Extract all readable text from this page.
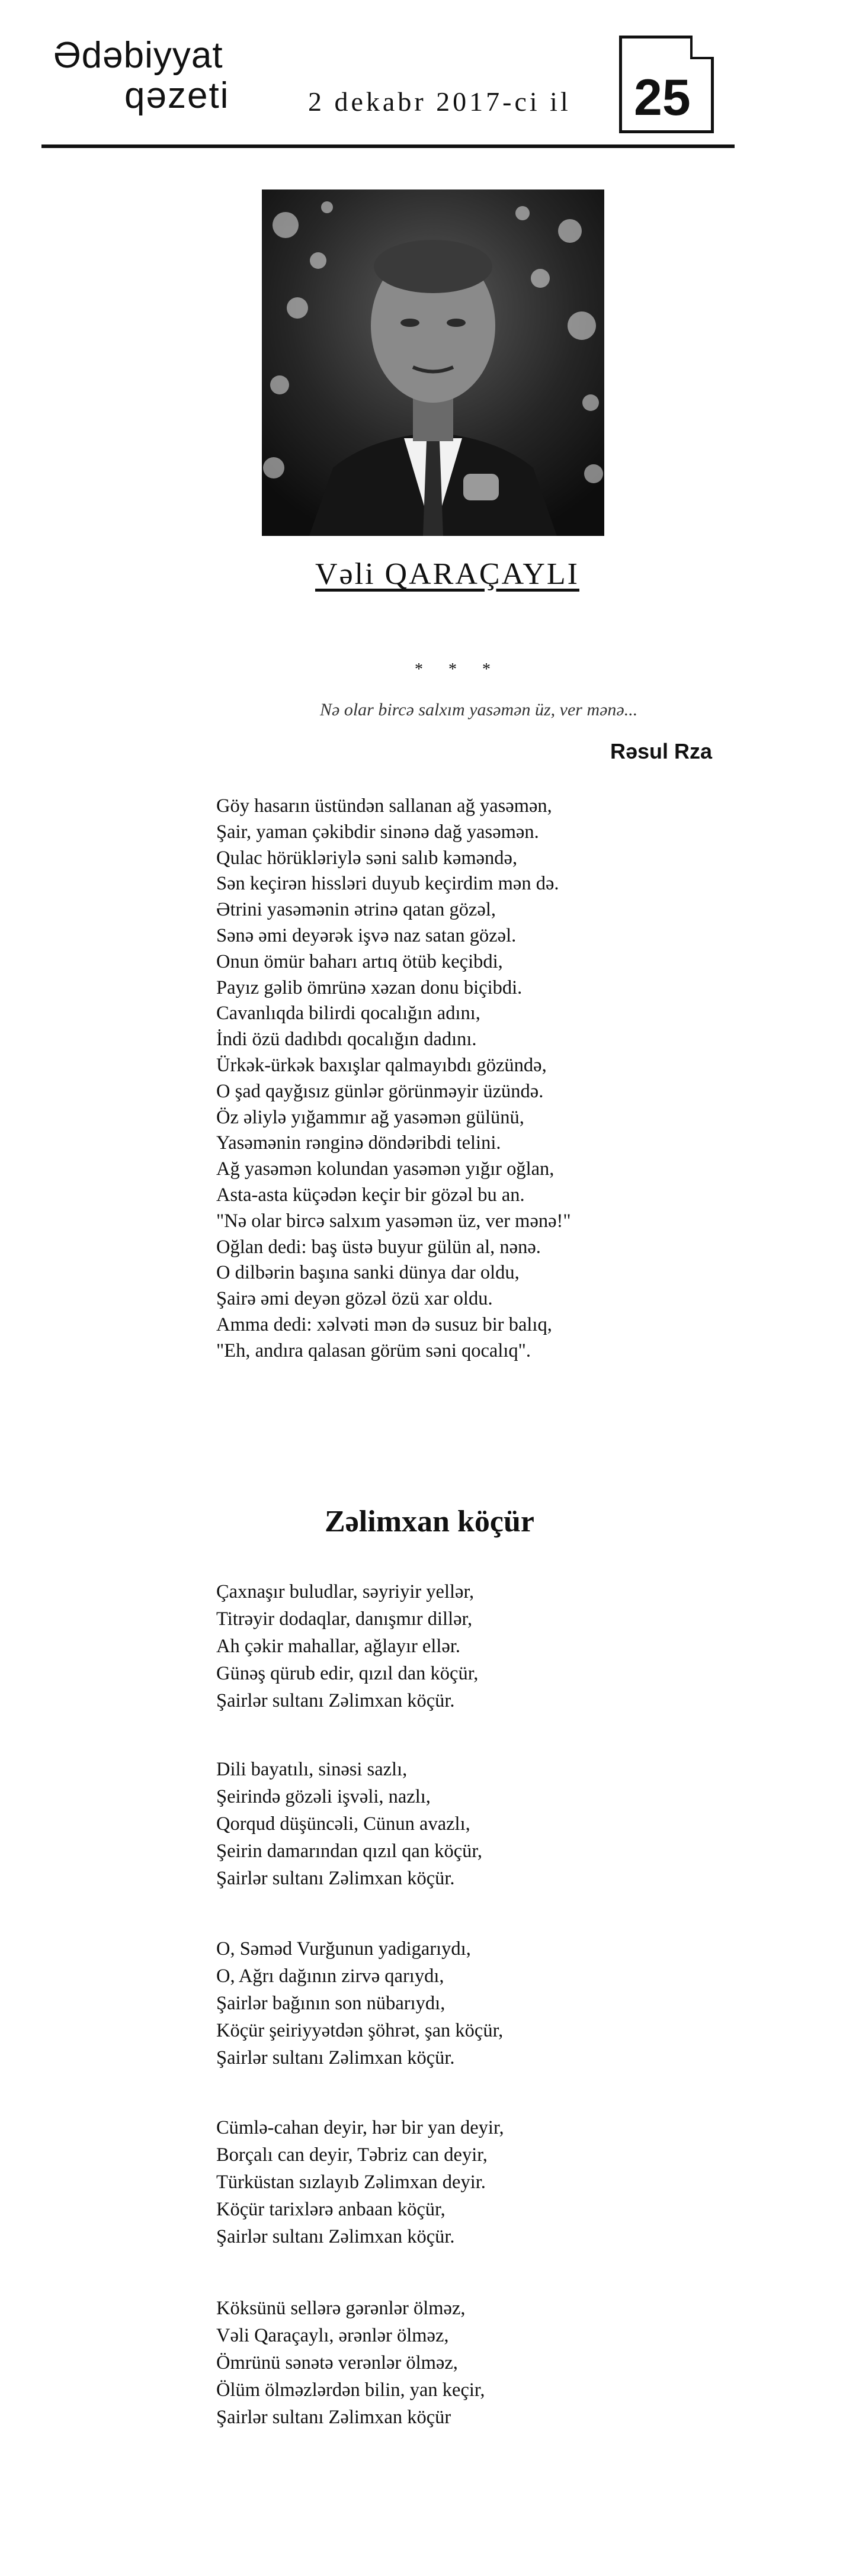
Ədəbiyyat
qəzeti	2 dekabr 2017-ci il 25
Vəli QARAÇAYLI
* * *
Nə olar bircə salxım yasəmən üz, ver mənə...
Rəsul Rza
Göy hasarın üstündən sallanan ağ yasəmən,
Şair, yaman çəkibdir sinənə dağ yasəmən.
Qulac hörükləriylə səni salıb kəməndə,
Sən keçirən hissləri duyub keçirdim mən də.
Ətrini yasəmənin ətrinə qatan gözəl,
Sənə əmi deyərək işvə naz satan gözəl.
Onun ömür baharı artıq ötüb keçibdi,
Payız gəlib ömrünə xəzan donu biçibdi.
Cavanlıqda bilirdi qocalığın adını,
İndi özü dadıbdı qocalığın dadını.
Ürkək-ürkək baxışlar qalmayıbdı gözündə,
O şad qayğısız günlər görünməyir üzündə.
Öz əliylə yığammır ağ yasəmən gülünü,
Yasəmənin rənginə döndəribdi telini.
Ağ yasəmən kolundan yasəmən yığır oğlan,
Asta-asta küçədən keçir bir gözəl bu an.
"Nə olar bircə salxım yasəmən üz, ver mənə!"
Oğlan dedi: baş üstə buyur gülün al, nənə.
O dilbərin başına sanki dünya dar oldu,
Şairə əmi deyən gözəl özü xar oldu.
Amma dedi: xəlvəti mən də susuz bir balıq,
"Eh, andıra qalasan görüm səni qocalıq".
Zəlimxan köçür
Çaxnaşır buludlar, səyriyir yellər,
Titrəyir dodaqlar, danışmır dillər,
Ah çəkir mahallar, ağlayır ellər.
Günəş qürub edir, qızıl dan köçür,
Şairlər sultanı Zəlimxan köçür.
Dili bayatılı, sinəsi sazlı,
Şeirində gözəli işvəli, nazlı,
Qorqud düşüncəli, Cünun avazlı,
Şeirin damarından qızıl qan köçür,
Şairlər sultanı Zəlimxan köçür.
O, Səməd Vurğunun yadigarıydı,
O, Ağrı dağının zirvə qarıydı,
Şairlər bağının son nübarıydı,
Köçür şeiriyyətdən şöhrət, şan köçür,
Şairlər sultanı Zəlimxan köçür.
Cümlə-cahan deyir, hər bir yan deyir,
Borçalı can deyir, Təbriz can deyir,
Türküstan sızlayıb Zəlimxan deyir.
Köçür tarixlərə anbaan köçür,
Şairlər sultanı Zəlimxan köçür.
Köksünü sellərə gərənlər ölməz,
Vəli Qaraçaylı, ərənlər ölməz,
Ömrünü sənətə verənlər ölməz,
Ölüm ölməzlərdən bilin, yan keçir,
Şairlər sultanı Zəlimxan köçür
